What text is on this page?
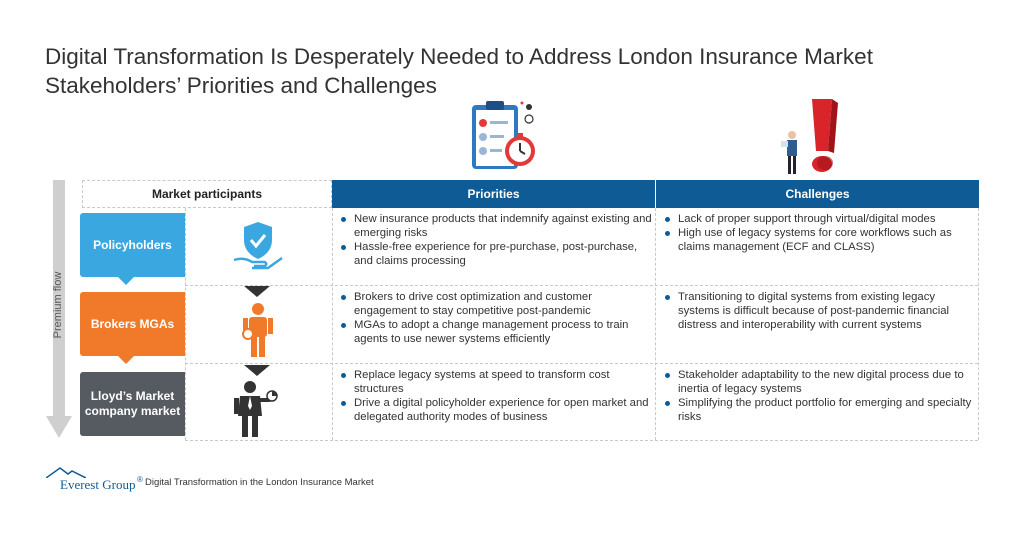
Digital Transformation Is Desperately Needed to Address London Insurance Market Stakeholders’ Priorities and Challenges
Premium flow
Market participants	Priorities	Challenges
Policyholders
Brokers MGAs
Lloyd’s Market company market
New insurance products that indemnify against existing and emerging risks
Hassle-free experience for pre-purchase, post-purchase, and claims processing
Brokers to drive cost optimization and customer engagement to stay competitive post-pandemic
MGAs to adopt a change management process to train agents to use newer systems efficiently
Replace legacy systems at speed to transform cost structures
Drive a digital policyholder experience for open market and delegated authority modes of business
Lack of proper support through virtual/digital modes
High use of legacy systems for core workflows such as claims management (ECF and CLASS)
Transitioning to digital systems from existing legacy systems is difficult because of post-pandemic financial distress and interoperability with current systems
Stakeholder adaptability to the new digital process due to inertia of legacy systems
Simplifying the product portfolio for emerging and specialty risks
Everest Group ® Digital Transformation in the London Insurance Market
